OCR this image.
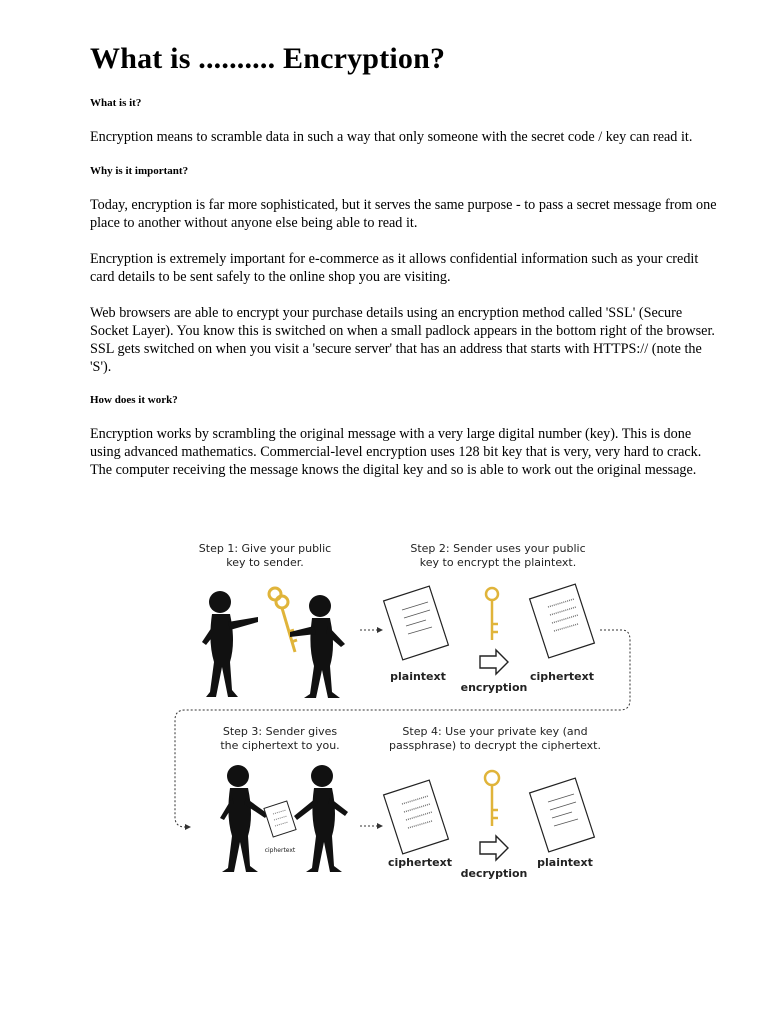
What is .......... Encryption?
What is it?

Encryption means to scramble data in such a way that only someone with the secret code / key can read it.

Why is it important?

Today, encryption is far more sophisticated, but it serves the same purpose - to pass a secret message from one place to another without anyone else being able to read it.

Encryption is extremely important for e-commerce as it allows confidential information such as your credit card details to be sent safely to the online shop you are visiting.

Web browsers are able to encrypt your purchase details using an encryption method called 'SSL' (Secure Socket Layer). You know this is switched on when a small padlock appears in the bottom right of the browser. SSL gets switched on when you visit a 'secure server' that has an address that starts with HTTPS:// (note the 'S').

How does it work?

Encryption works by scrambling the original message with a very large digital number (key). This is done using advanced mathematics. Commercial-level encryption uses 128 bit key that is very, very hard to crack. The computer receiving the message knows the digital key and so is able to work out the original message.

Step 1: Give your public
key to sender.
Step 2: Sender uses your public
key to encrypt the plaintext.
Step 3: Sender gives
the ciphertext to you.
Step 4: Use your private key (and
passphrase) to decrypt the ciphertext.
plaintext
encryption
ciphertext
ciphertext
ciphertext
decryption
plaintext
